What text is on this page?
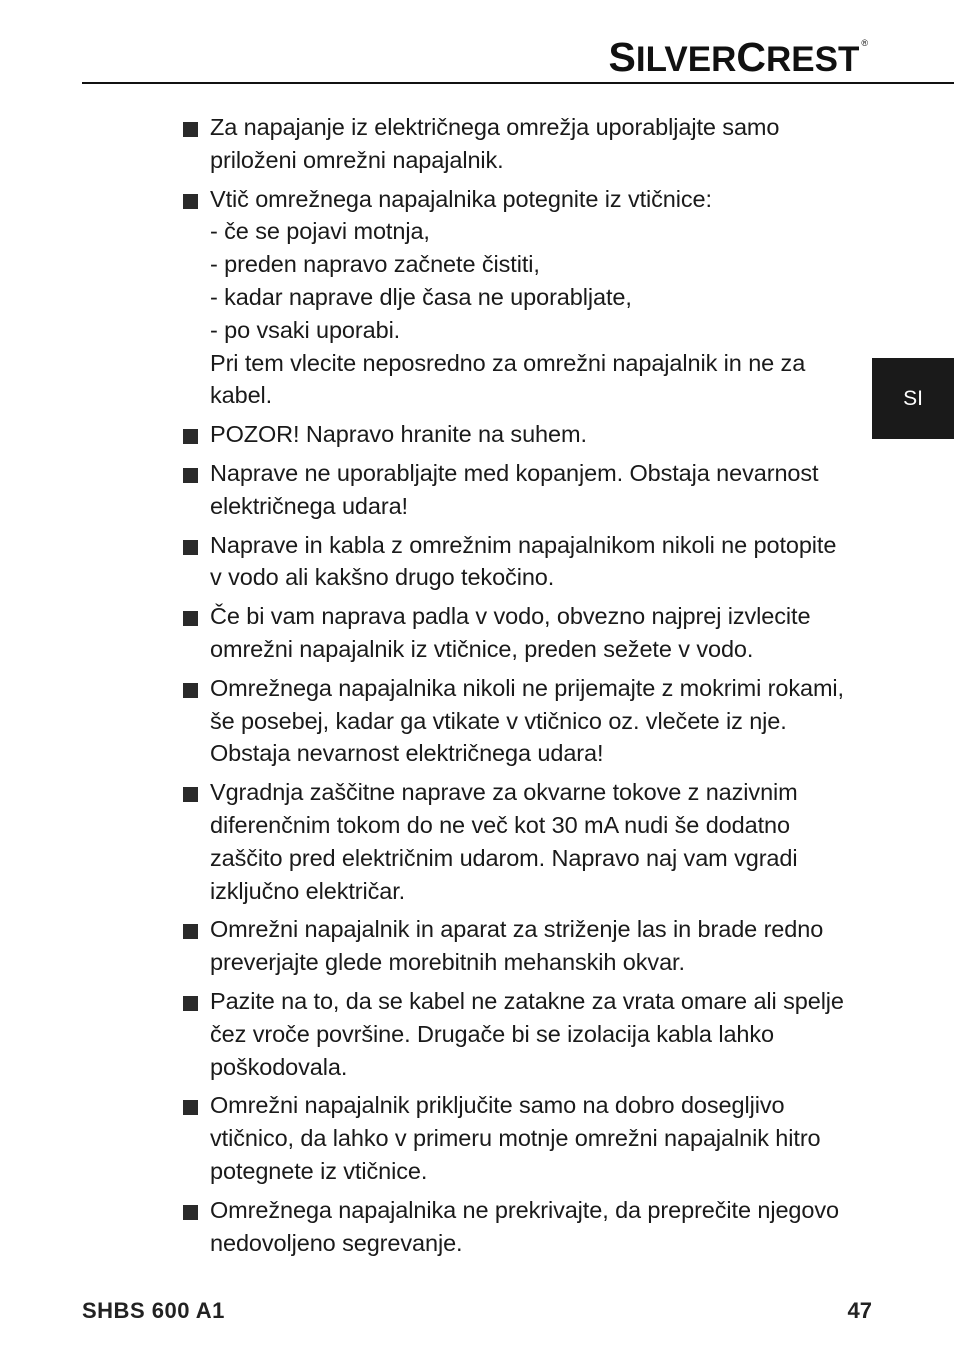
SILVERCREST ®
SI
Za napajanje iz električnega omrežja uporabljajte samo
priloženi omrežni napajalnik.
Vtič omrežnega napajalnika potegnite iz vtičnice:
- če se pojavi motnja,
- preden napravo začnete čistiti,
- kadar naprave dlje časa ne uporabljate,
- po vsaki uporabi.
Pri tem vlecite neposredno za omrežni napajalnik in ne za
kabel.
POZOR! Napravo hranite na suhem.
Naprave ne uporabljajte med kopanjem. Obstaja nevarnost
električnega udara!
Naprave in kabla z omrežnim napajalnikom nikoli ne potopite
v vodo ali kakšno drugo tekočino.
Če bi vam naprava padla v vodo, obvezno najprej izvlecite
omrežni napajalnik iz vtičnice, preden sežete v vodo.
Omrežnega napajalnika nikoli ne prijemajte z mokrimi rokami,
še posebej, kadar ga vtikate v vtičnico oz. vlečete iz nje.
Obstaja nevarnost električnega udara!
Vgradnja zaščitne naprave za okvarne tokove z nazivnim
diferenčnim tokom do ne več kot 30 mA nudi še dodatno
zaščito pred električnim udarom. Napravo naj vam vgradi
izključno električar.
Omrežni napajalnik in aparat za striženje las in brade redno
preverjajte glede morebitnih mehanskih okvar.
Pazite na to, da se kabel ne zatakne za vrata omare ali spelje
čez vroče površine. Drugače bi se izolacija kabla lahko
poškodovala.
Omrežni napajalnik priključite samo na dobro dosegljivo
vtičnico, da lahko v primeru motnje omrežni napajalnik hitro
potegnete iz vtičnice.
Omrežnega napajalnika ne prekrivajte, da preprečite njegovo
nedovoljeno segrevanje.
SHBS 600 A1	47
